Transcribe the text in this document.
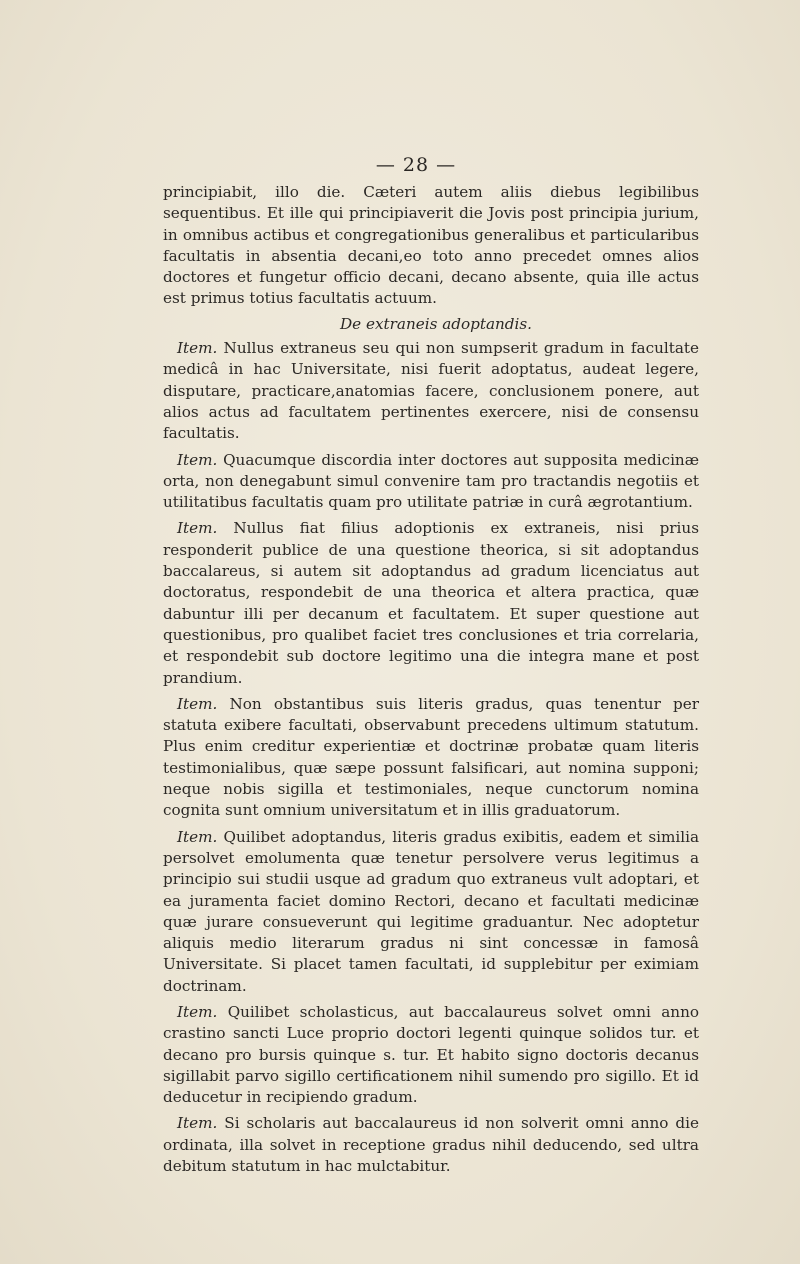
— 28 —

principiabit, illo die. Cæteri autem aliis diebus legibilibus sequentibus. Et ille qui principiaverit die Jovis post principia jurium, in omnibus actibus et congregationibus generalibus et particularibus facultatis in absentia decani,eo toto anno precedet omnes alios doctores et fungetur officio decani, decano absente, quia ille actus est primus totius facultatis actuum.

De extraneis adoptandis.

Item. Nullus extraneus seu qui non sumpserit gradum in facultate medicâ in hac Universitate, nisi fuerit adoptatus, audeat legere, disputare, practicare,anatomias facere, conclusionem ponere, aut alios actus ad facultatem pertinentes exercere, nisi de consensu facultatis.

Item. Quacumque discordia inter doctores aut supposita medicinæ orta, non denegabunt simul convenire tam pro tractandis negotiis et utilitatibus facultatis quam pro utilitate patriæ in curâ ægrotantium.

Item. Nullus fiat filius adoptionis ex extraneis, nisi prius responderit publice de una questione theorica, si sit adoptandus baccalareus, si autem sit adoptandus ad gradum licenciatus aut doctoratus, respondebit de una theorica et altera practica, quæ dabuntur illi per decanum et facultatem. Et super questione aut questionibus, pro qualibet faciet tres conclusiones et tria correlaria, et respondebit sub doctore legitimo una die integra mane et post prandium.

Item. Non obstantibus suis literis gradus, quas tenentur per statuta exibere facultati, observabunt precedens ultimum statutum. Plus enim creditur experientiæ et doctrinæ probatæ quam literis testimonialibus, quæ sæpe possunt falsificari, aut nomina supponi; neque nobis sigilla et testimoniales, neque cunctorum nomina cognita sunt omnium universitatum et in illis graduatorum.

Item. Quilibet adoptandus, literis gradus exibitis, eadem et similia persolvet emolumenta quæ tenetur persolvere verus legitimus a principio sui studii usque ad gradum quo extraneus vult adoptari, et ea juramenta faciet domino Rectori, decano et facultati medicinæ quæ jurare consueverunt qui legitime graduantur. Nec adoptetur aliquis medio literarum gradus ni sint concessæ in famosâ Universitate. Si placet tamen facultati, id supplebitur per eximiam doctrinam.

Item. Quilibet scholasticus, aut baccalaureus solvet omni anno crastino sancti Luce proprio doctori legenti quinque solidos tur. et decano pro bursis quinque s. tur. Et habito signo doctoris decanus sigillabit parvo sigillo certificationem nihil sumendo pro sigillo. Et id deducetur in recipiendo gradum.

Item. Si scholaris aut baccalaureus id non solverit omni anno die ordinata, illa solvet in receptione gradus nihil deducendo, sed ultra debitum statutum in hac mulctabitur.
